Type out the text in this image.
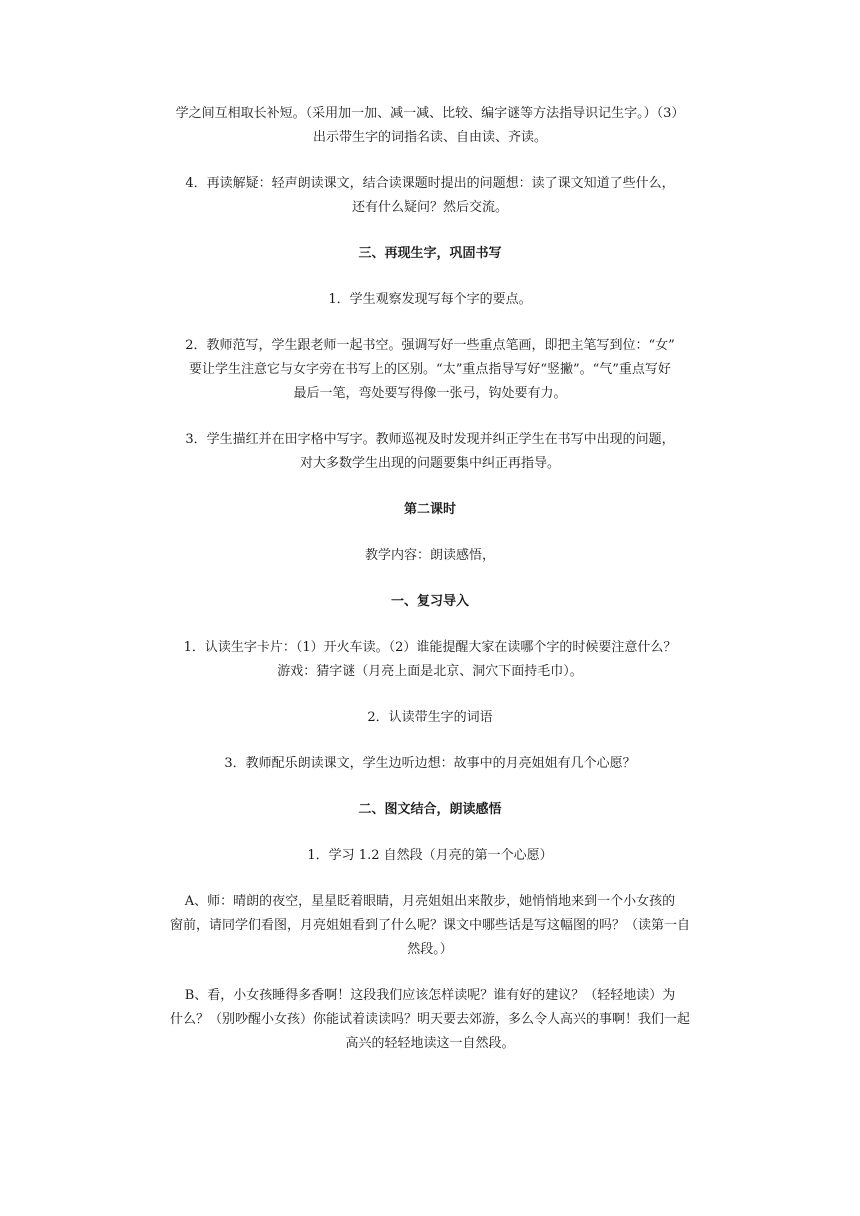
学之间互相取长补短。（采用加一加、减一减、比较、编字谜等方法指导识记生字。）（3）
出示带生字的词指名读、自由读、齐读。
4．再读解疑：轻声朗读课文，结合读课题时提出的问题想：读了课文知道了些什么，
还有什么疑问？然后交流。
三、再现生字，巩固书写
1．学生观察发现写每个字的要点。
2．教师范写，学生跟老师一起书空。强调写好一些重点笔画，即把主笔写到位：“女”
要让学生注意它与女字旁在书写上的区别。“太”重点指导写好“竖撇”。“气”重点写好
最后一笔，弯处要写得像一张弓，钩处要有力。
3．学生描红并在田字格中写字。教师巡视及时发现并纠正学生在书写中出现的问题，
对大多数学生出现的问题要集中纠正再指导。
第二课时
教学内容：朗读感悟，
一、复习导入
1．认读生字卡片：（1）开火车读。（2）谁能提醒大家在读哪个字的时候要注意什么？
游戏：猜字谜（月亮上面是北京、洞穴下面持毛巾）。
2．认读带生字的词语
3．教师配乐朗读课文，学生边听边想：故事中的月亮姐姐有几个心愿？
二、图文结合，朗读感悟
1．学习 1.2 自然段（月亮的第一个心愿）
A、师：晴朗的夜空，星星眨着眼睛，月亮姐姐出来散步，她悄悄地来到一个小女孩的
窗前，请同学们看图，月亮姐姐看到了什么呢？课文中哪些话是写这幅图的吗？（读第一自
然段。）
B、看，小女孩睡得多香啊！这段我们应该怎样读呢？谁有好的建议？（轻轻地读）为
什么？（别吵醒小女孩）你能试着读读吗？明天要去郊游，多么令人高兴的事啊！我们一起
高兴的轻轻地读这一自然段。
